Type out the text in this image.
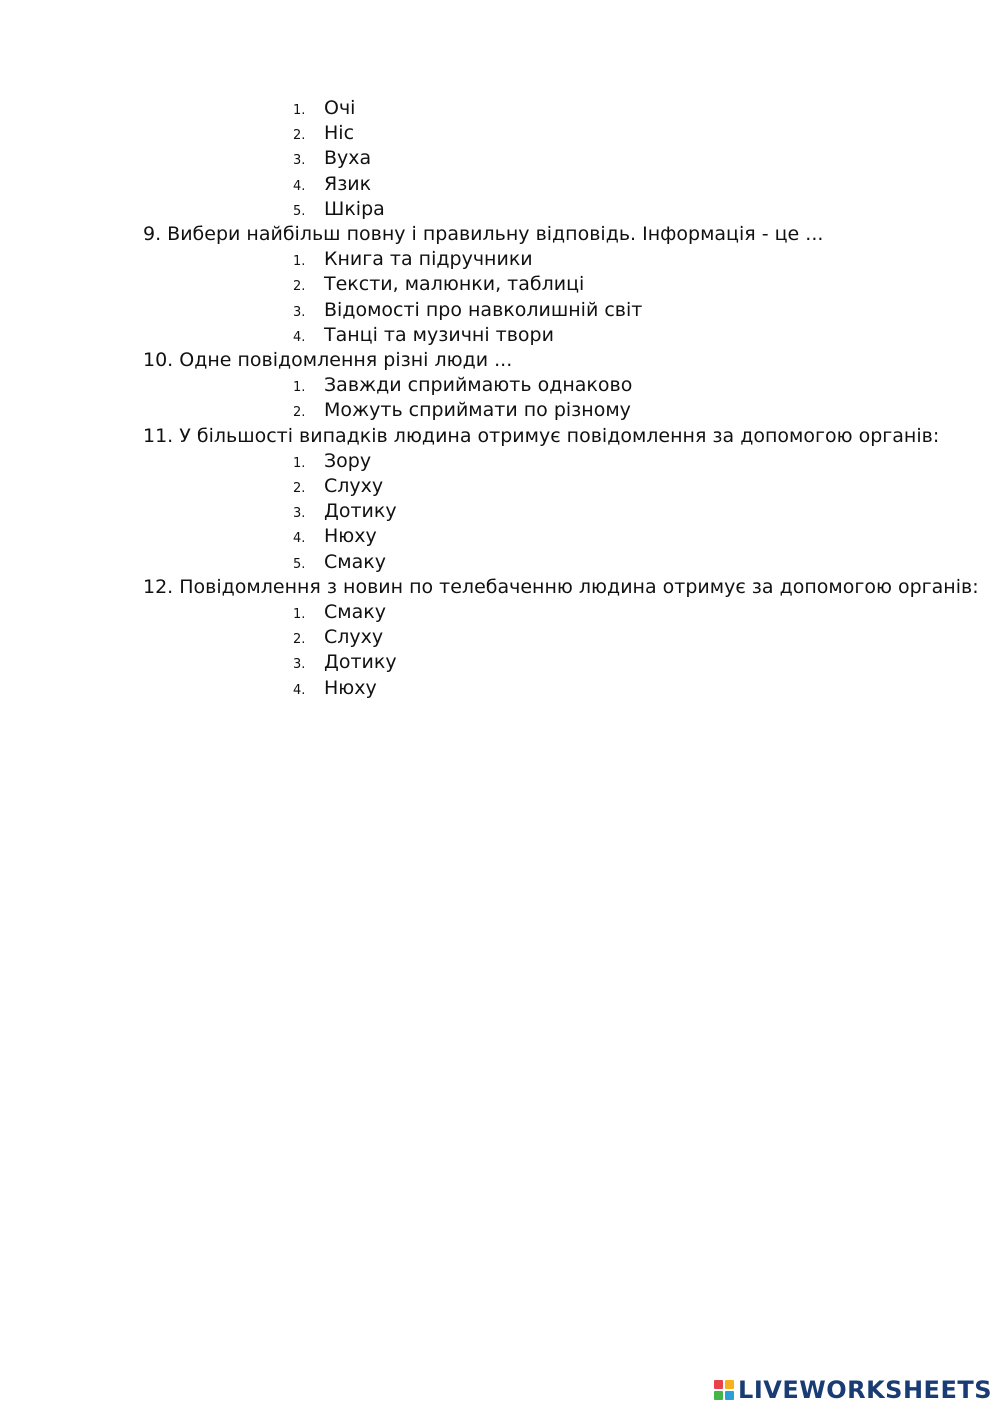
1. Очі
2. Ніс
3. Вуха
4. Язик
5. Шкіра
9. Вибери найбільш повну і правильну відповідь. Інформація - це ...
1. Книга та підручники
2. Тексти, малюнки, таблиці
3. Відомості про навколишній світ
4. Танці та музичні твори
10. Одне повідомлення різні люди ...
1. Завжди сприймають однаково
2. Можуть сприймати по різному
11. У більшості випадків людина отримує повідомлення за допомогою органів:
1. Зору
2. Слуху
3. Дотику
4. Нюху
5. Смаку
12. Повідомлення з новин по телебаченню людина отримує за допомогою органів:
1. Смаку
2. Слуху
3. Дотику
4. Нюху
LIVEWORKSHEETS
